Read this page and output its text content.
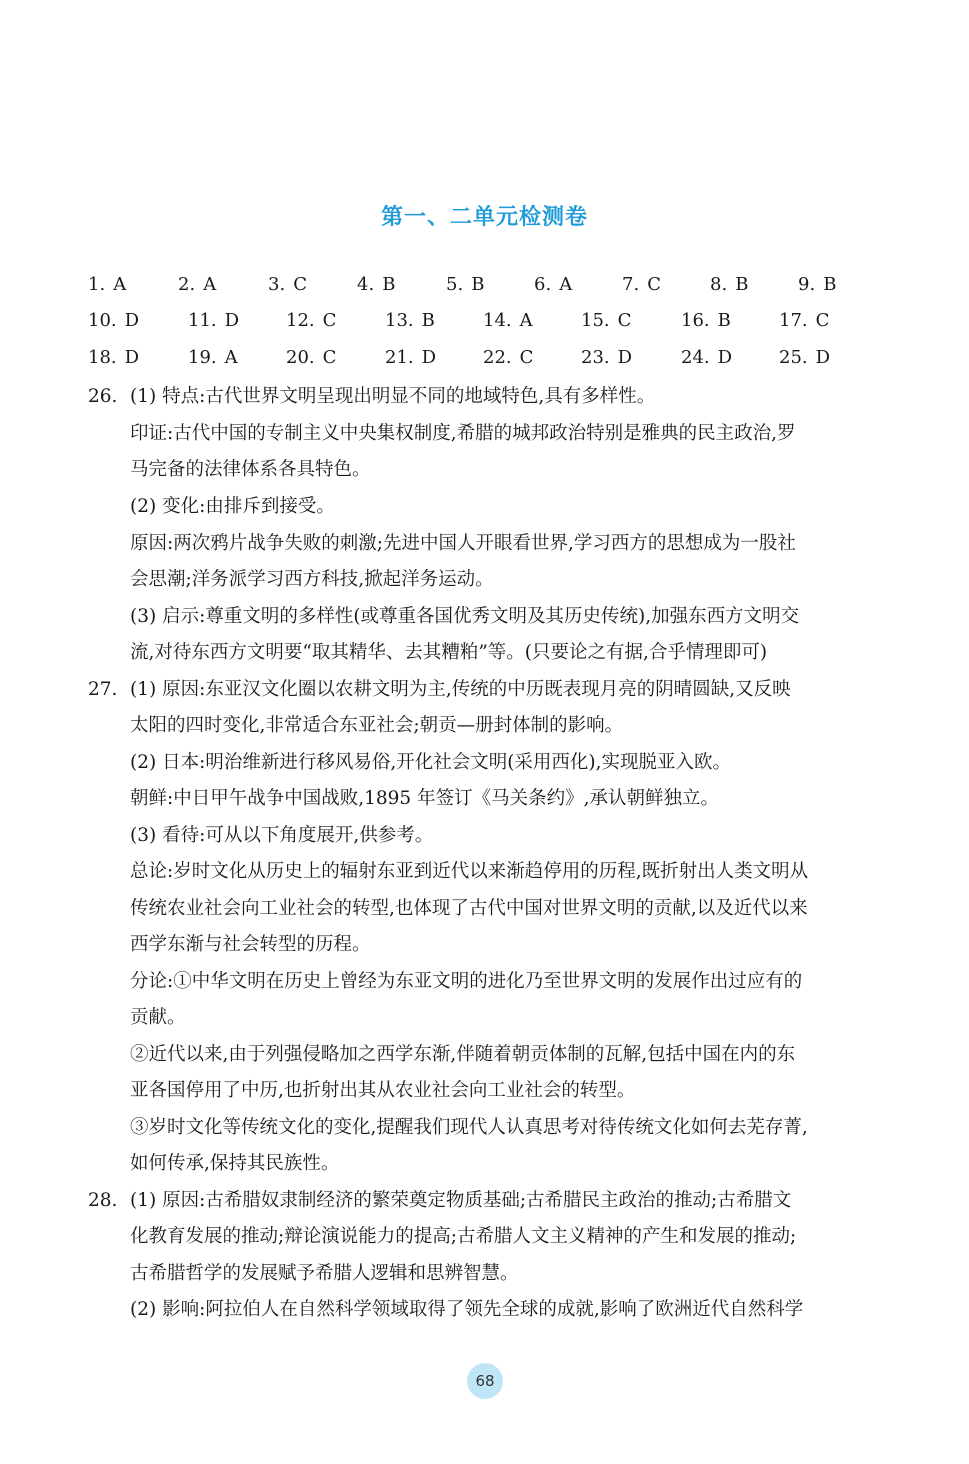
第一、二单元检测卷
1. A	2. A	3. C	4. B	5. B	6. A	7. C	8. B	9. B
10. D	11. D	12. C	13. B	14. A	15. C	16. B	17. C
18. D	19. A	20. C	21. D	22. C	23. D	24. D	25. D
26. (1) 特点:古代世界文明呈现出明显不同的地域特色,具有多样性。
印证:古代中国的专制主义中央集权制度,希腊的城邦政治特别是雅典的民主政治,罗
马完备的法律体系各具特色。
(2) 变化:由排斥到接受。
原因:两次鸦片战争失败的刺激;先进中国人开眼看世界,学习西方的思想成为一股社
会思潮;洋务派学习西方科技,掀起洋务运动。
(3) 启示:尊重文明的多样性(或尊重各国优秀文明及其历史传统),加强东西方文明交
流,对待东西方文明要“取其精华、去其糟粕”等。(只要论之有据,合乎情理即可)
27. (1) 原因:东亚汉文化圈以农耕文明为主,传统的中历既表现月亮的阴晴圆缺,又反映
太阳的四时变化,非常适合东亚社会;朝贡—册封体制的影响。
(2) 日本:明治维新进行移风易俗,开化社会文明(采用西化),实现脱亚入欧。
朝鲜:中日甲午战争中国战败,1895 年签订《马关条约》,承认朝鲜独立。
(3) 看待:可从以下角度展开,供参考。
总论:岁时文化从历史上的辐射东亚到近代以来渐趋停用的历程,既折射出人类文明从
传统农业社会向工业社会的转型,也体现了古代中国对世界文明的贡献,以及近代以来
西学东渐与社会转型的历程。
分论:①中华文明在历史上曾经为东亚文明的进化乃至世界文明的发展作出过应有的
贡献。
②近代以来,由于列强侵略加之西学东渐,伴随着朝贡体制的瓦解,包括中国在内的东
亚各国停用了中历,也折射出其从农业社会向工业社会的转型。
③岁时文化等传统文化的变化,提醒我们现代人认真思考对待传统文化如何去芜存菁,
如何传承,保持其民族性。
28. (1) 原因:古希腊奴隶制经济的繁荣奠定物质基础;古希腊民主政治的推动;古希腊文
化教育发展的推动;辩论演说能力的提高;古希腊人文主义精神的产生和发展的推动;
古希腊哲学的发展赋予希腊人逻辑和思辨智慧。
(2) 影响:阿拉伯人在自然科学领域取得了领先全球的成就,影响了欧洲近代自然科学
68
